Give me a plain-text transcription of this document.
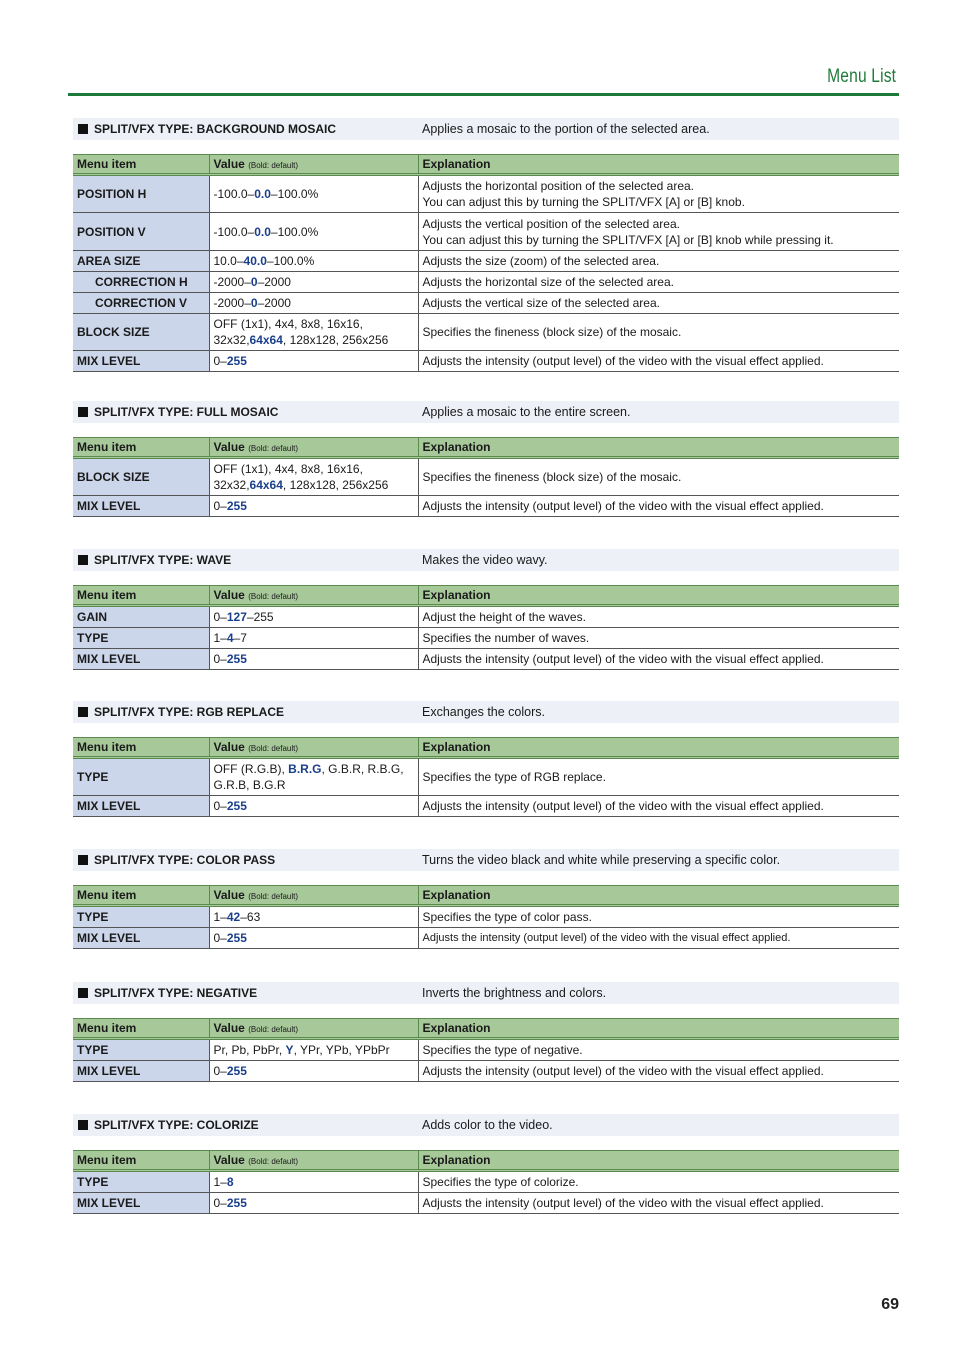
Menu List
SPLIT/VFX TYPE: BACKGROUND MOSAIC	Applies a mosaic to the portion of the selected area.
Menu item	Value (Bold: default)	Explanation
POSITION H	-100.0–0.0–100.0%	Adjusts the horizontal position of the selected area.
You can adjust this by turning the SPLIT/VFX [A] or [B] knob.

POSITION V	-100.0–0.0–100.0%	Adjusts the vertical position of the selected area.
You can adjust this by turning the SPLIT/VFX [A] or [B] knob while pressing it.

AREA SIZE	10.0–40.0–100.0%	Adjusts the size (zoom) of the selected area.

CORRECTION H	-2000–0–2000	Adjusts the horizontal size of the selected area.

CORRECTION V	-2000–0–2000	Adjusts the vertical size of the selected area.

BLOCK SIZE	OFF (1x1), 4x4, 8x8, 16x16, 32x32,64x64, 128x128, 256x256	Specifies the fineness (block size) of the mosaic.

MIX LEVEL	0–255	Adjusts the intensity (output level) of the video with the visual effect applied.
SPLIT/VFX TYPE: FULL MOSAIC	Applies a mosaic to the entire screen.
Menu item	Value (Bold: default)	Explanation
BLOCK SIZE	OFF (1x1), 4x4, 8x8, 16x16, 32x32,64x64, 128x128, 256x256	Specifies the fineness (block size) of the mosaic.

MIX LEVEL	0–255	Adjusts the intensity (output level) of the video with the visual effect applied.
SPLIT/VFX TYPE: WAVE	Makes the video wavy.
Menu item	Value (Bold: default)	Explanation
GAIN	0–127–255	Adjust the height of the waves.

TYPE	1–4–7	Specifies the number of waves.

MIX LEVEL	0–255	Adjusts the intensity (output level) of the video with the visual effect applied.
SPLIT/VFX TYPE: RGB REPLACE	Exchanges the colors.
Menu item	Value (Bold: default)	Explanation
TYPE	OFF (R.G.B), B.R.G, G.B.R, R.B.G, G.R.B, B.G.R	Specifies the type of RGB replace.

MIX LEVEL	0–255	Adjusts the intensity (output level) of the video with the visual effect applied.
SPLIT/VFX TYPE: COLOR PASS	Turns the video black and white while preserving a specific color.
Menu item	Value (Bold: default)	Explanation
TYPE	1–42–63	Specifies the type of color pass.

MIX LEVEL	0–255	Adjusts the intensity (output level) of the video with the visual effect applied.
SPLIT/VFX TYPE: NEGATIVE	Inverts the brightness and colors.
Menu item	Value (Bold: default)	Explanation
TYPE	Pr, Pb, PbPr, Y, YPr, YPb, YPbPr	Specifies the type of negative.

MIX LEVEL	0–255	Adjusts the intensity (output level) of the video with the visual effect applied.
SPLIT/VFX TYPE: COLORIZE	Adds color to the video.
Menu item	Value (Bold: default)	Explanation
TYPE	1–8	Specifies the type of colorize.

MIX LEVEL	0–255	Adjusts the intensity (output level) of the video with the visual effect applied.
69
